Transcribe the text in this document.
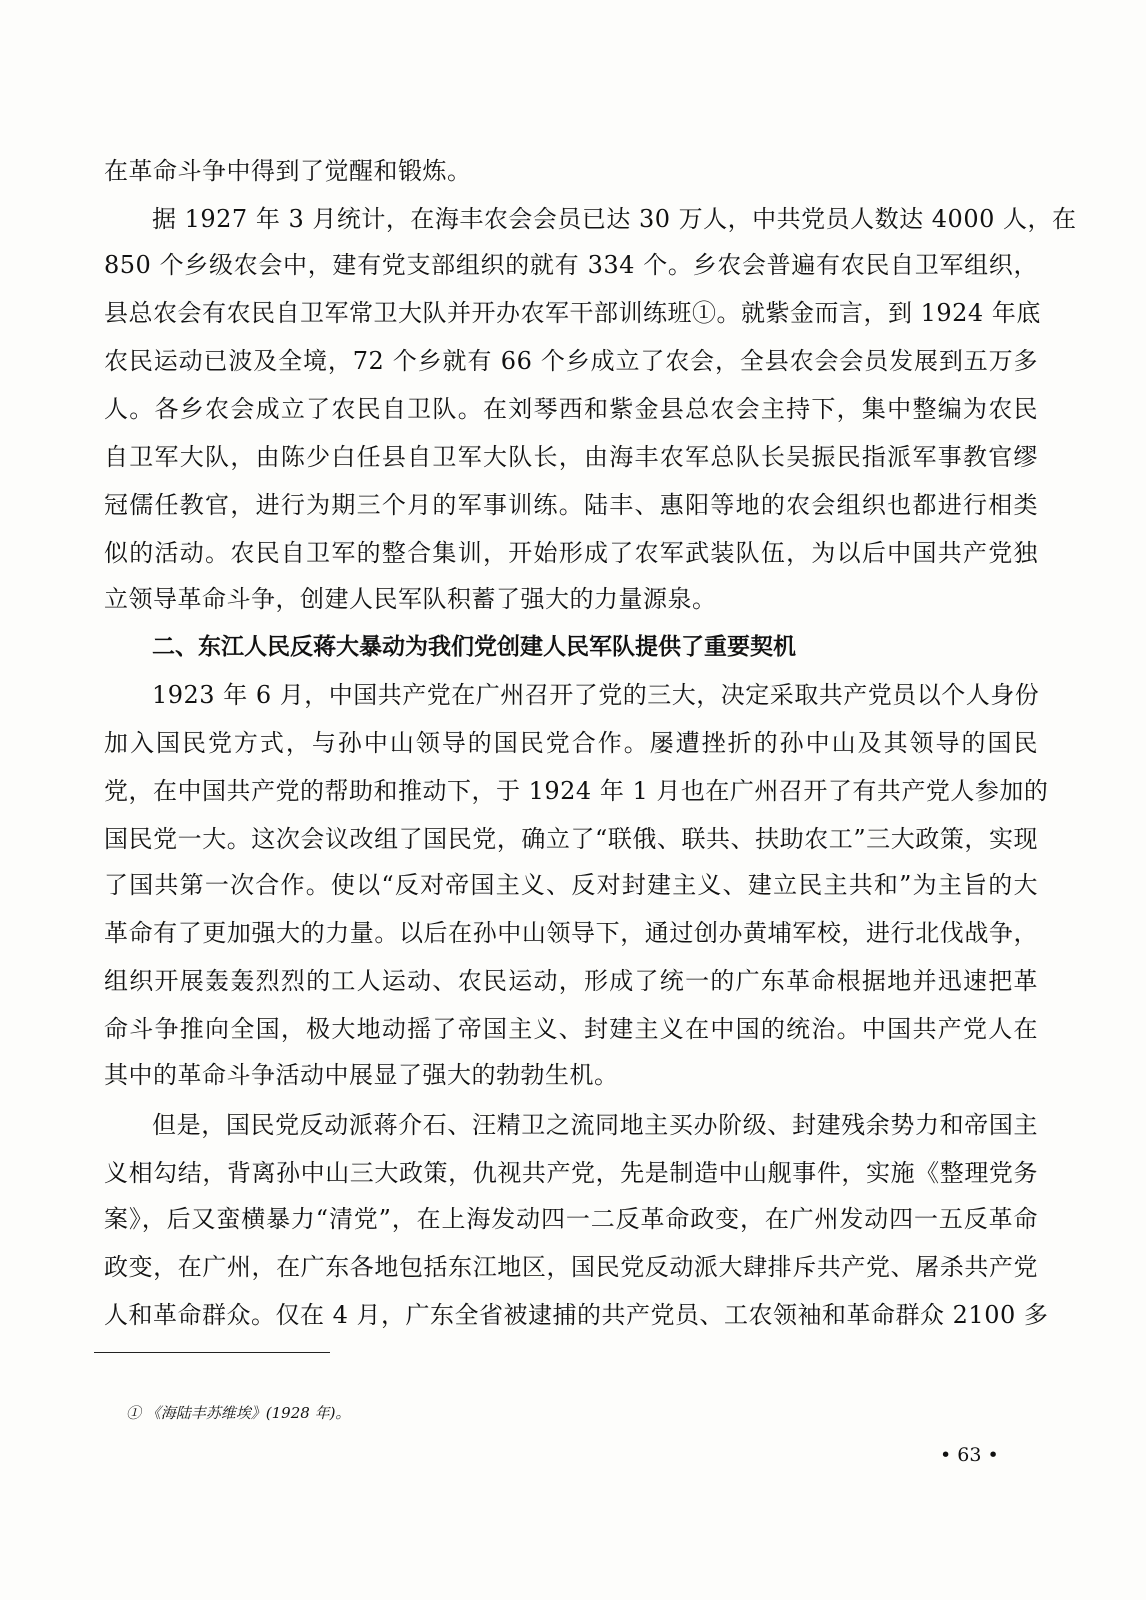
在革命斗争中得到了觉醒和锻炼。
据 1927 年 3 月统计，在海丰农会会员已达 30 万人，中共党员人数达 4000 人，在
850 个乡级农会中，建有党支部组织的就有 334 个。乡农会普遍有农民自卫军组织，
县总农会有农民自卫军常卫大队并开办农军干部训练班①。就紫金而言，到 1924 年底
农民运动已波及全境，72 个乡就有 66 个乡成立了农会，全县农会会员发展到五万多
人。各乡农会成立了农民自卫队。在刘琴西和紫金县总农会主持下，集中整编为农民
自卫军大队，由陈少白任县自卫军大队长，由海丰农军总队长吴振民指派军事教官缪
冠儒任教官，进行为期三个月的军事训练。陆丰、惠阳等地的农会组织也都进行相类
似的活动。农民自卫军的整合集训，开始形成了农军武装队伍，为以后中国共产党独
立领导革命斗争，创建人民军队积蓄了强大的力量源泉。
二、东江人民反蒋大暴动为我们党创建人民军队提供了重要契机
1923 年 6 月，中国共产党在广州召开了党的三大，决定采取共产党员以个人身份
加入国民党方式，与孙中山领导的国民党合作。屡遭挫折的孙中山及其领导的国民
党，在中国共产党的帮助和推动下，于 1924 年 1 月也在广州召开了有共产党人参加的
国民党一大。这次会议改组了国民党，确立了“联俄、联共、扶助农工”三大政策，实现
了国共第一次合作。使以“反对帝国主义、反对封建主义、建立民主共和”为主旨的大
革命有了更加强大的力量。以后在孙中山领导下，通过创办黄埔军校，进行北伐战争，
组织开展轰轰烈烈的工人运动、农民运动，形成了统一的广东革命根据地并迅速把革
命斗争推向全国，极大地动摇了帝国主义、封建主义在中国的统治。中国共产党人在
其中的革命斗争活动中展显了强大的勃勃生机。
但是，国民党反动派蒋介石、汪精卫之流同地主买办阶级、封建残余势力和帝国主
义相勾结，背离孙中山三大政策，仇视共产党，先是制造中山舰事件，实施《整理党务
案》，后又蛮横暴力“清党”，在上海发动四一二反革命政变，在广州发动四一五反革命
政变，在广州，在广东各地包括东江地区，国民党反动派大肆排斥共产党、屠杀共产党
人和革命群众。仅在 4 月，广东全省被逮捕的共产党员、工农领袖和革命群众 2100 多
① 《海陆丰苏维埃》(1928 年)。
• 63 •
